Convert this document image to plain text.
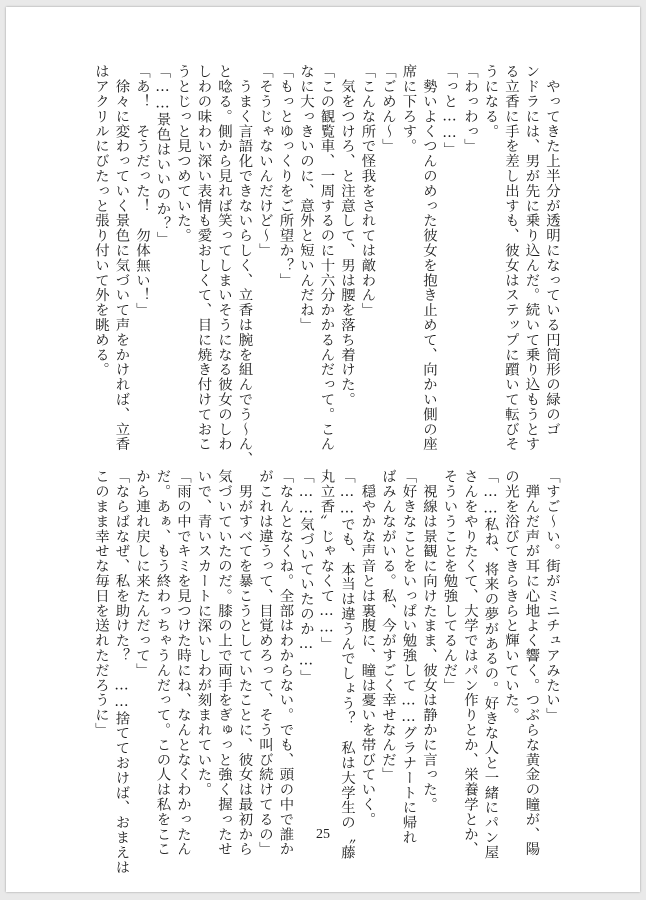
　やってきた上半分が透明になっている円筒形の緑のゴ
ンドラには、男が先に乗り込んだ。続いて乗り込もうとす
る立香に手を差し出すも、彼女はステップに躓いて転びそ
うになる。
「わっわっ」
「っと……」
　勢いよくつんのめった彼女を抱き止めて、向かい側の座
席に下ろす。
「ごめん〜」
「こんな所で怪我をされては敵わん」
　気をつけろ、と注意して、男は腰を落ち着けた。
「この観覧車、一周するのに十六分かかるんだって。こん
なに大っきいのに、意外と短いんだね」
「もっとゆっくりをご所望か？」
「そうじゃないんだけど〜」
　うまく言語化できないらしく、立香は腕を組んでう〜ん、
と唸る。側から見れば笑ってしまいそうになる彼女のしわ
しわの味わい深い表情も愛おしくて、目に焼き付けておこ
うとじっと見つめていた。
「……景色はいいのか？」
「あ！　そうだった！　勿体無い！」
　徐々に変わっていく景色に気づいて声をかければ、立香
はアクリルにびたっと張り付いて外を眺める。
「すご〜い。街がミニチュアみたい」
　弾んだ声が耳に心地よく響く。つぶらな黄金の瞳が、陽
の光を浴びてきらきらと輝いていた。
「……私ね、将来の夢があるの。好きな人と一緒にパン屋
さんをやりたくて、大学ではパン作りとか、栄養学とか、
そういうことを勉強してるんだ」
　視線は景観に向けたまま、彼女は静かに言った。
「好きなことをいっぱい勉強して……グラナートに帰れ
ばみんながいる。私、今がすごく幸せなんだ」
　穏やかな声音とは裏腹に、瞳は憂いを帯びていく。
「……でも、本当は違うんでしょう？　私は大学生の〝藤
丸立香〟じゃなくて……」
「……気づいていたのか……」
「なんとなくね。全部はわからない。でも、頭の中で誰か
がこれは違うって、目覚めろって、そう叫び続けてるの」
　男がすべてを暴こうとしていたことに、彼女は最初から
気づいていたのだ。膝の上で両手をぎゅっと強く握ったせ
いで、青いスカートに深いしわが刻まれていた。
「雨の中でキミを見つけた時にね、なんとなくわかったん
だ。あぁ、もう終わっちゃうんだって。この人は私をここ
から連れ戻しに来たんだって」
「ならばなぜ、私を助けた？　……捨てておけば、おまえは
このまま幸せな毎日を送れただろうに」
25
